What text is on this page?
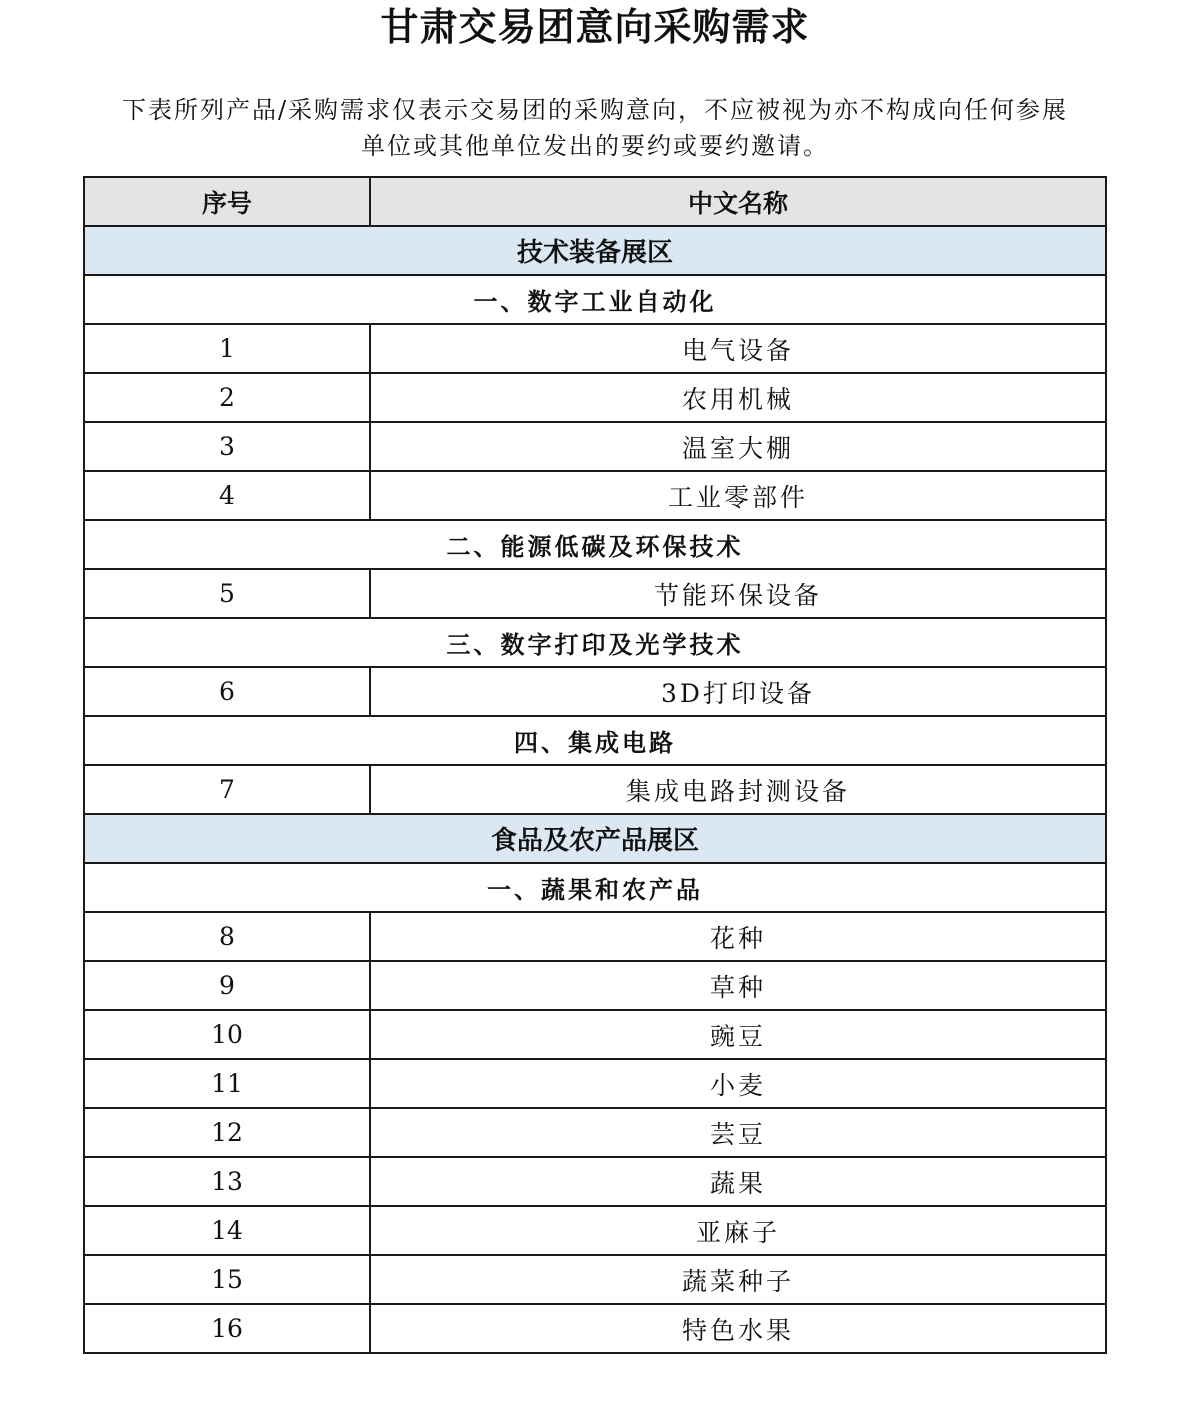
甘肃交易团意向采购需求

下表所列产品/采购需求仅表示交易团的采购意向，不应被视为亦不构成向任何参展
单位或其他单位发出的要约或要约邀请。

序号	中文名称
技术装备展区	
一、数字工业自动化	
1	电气设备
2	农用机械
3	温室大棚
4	工业零部件
二、能源低碳及环保技术	
5	节能环保设备
三、数字打印及光学技术	
6	3D打印设备
四、集成电路	
7	集成电路封测设备
食品及农产品展区	
一、蔬果和农产品	
8	花种
9	草种
10	豌豆
11	小麦
12	芸豆
13	蔬果
14	亚麻子
15	蔬菜种子
16	特色水果
